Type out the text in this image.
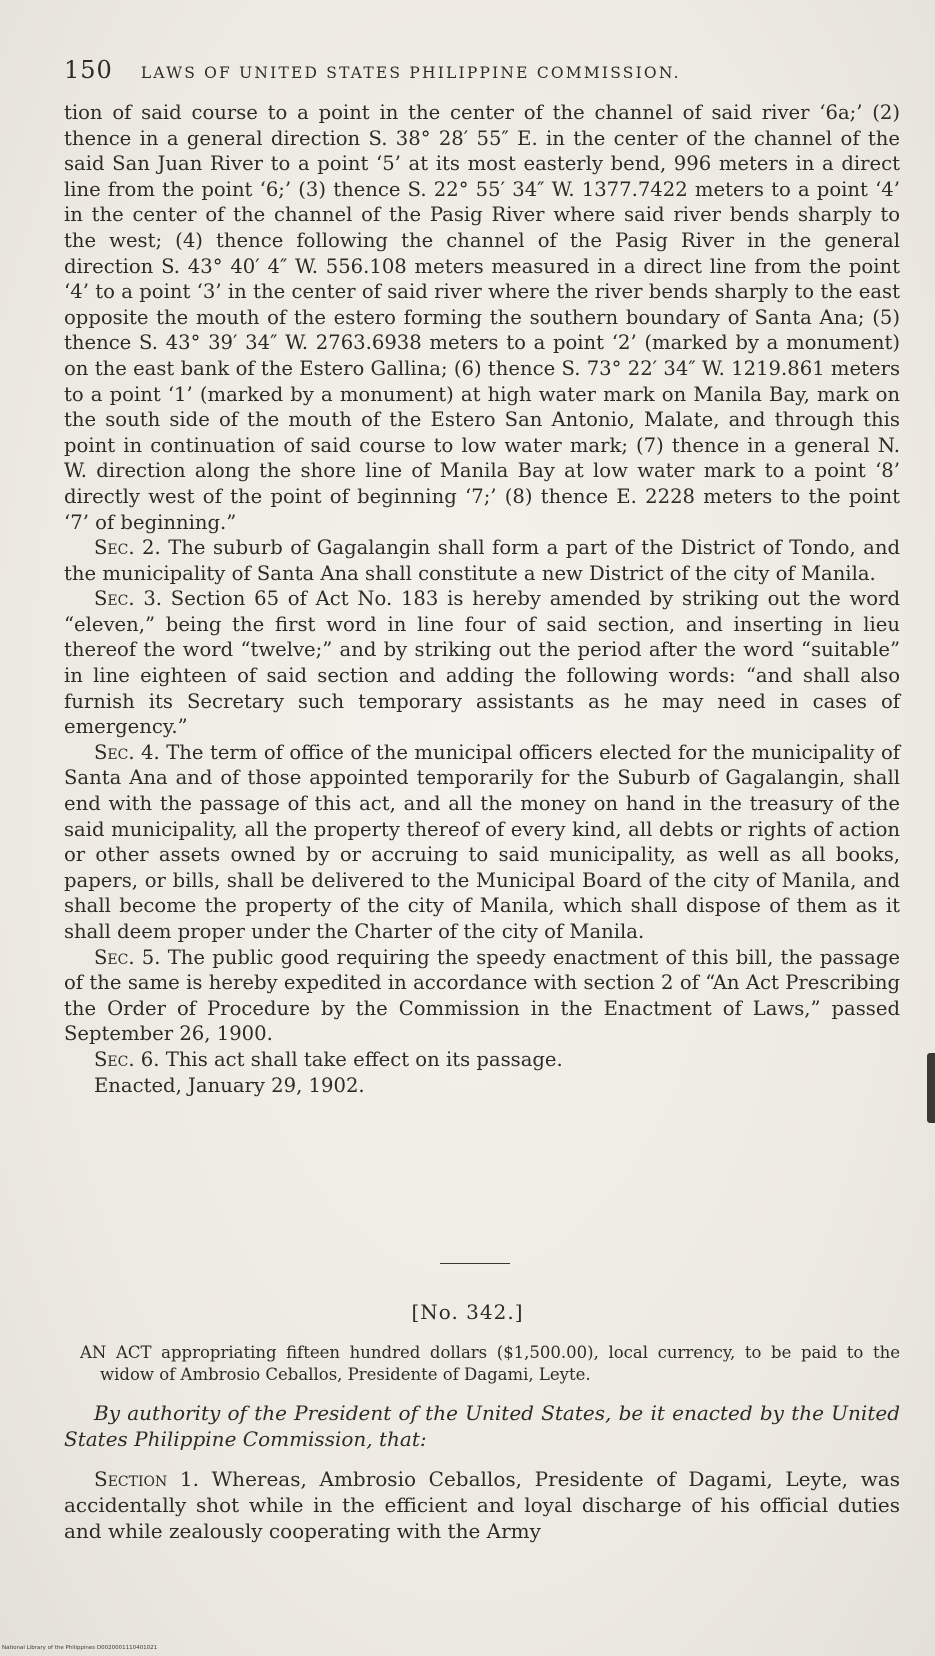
150 LAWS OF UNITED STATES PHILIPPINE COMMISSION.

tion of said course to a point in the center of the channel of said river ‘6a;’ (2) thence in a general direction S. 38° 28′ 55″ E. in the center of the channel of the said San Juan River to a point ‘5’ at its most easterly bend, 996 meters in a direct line from the point ‘6;’ (3) thence S. 22° 55′ 34″ W. 1377.7422 meters to a point ‘4’ in the center of the channel of the Pasig River where said river bends sharply to the west; (4) thence following the channel of the Pasig River in the general direction S. 43° 40′ 4″ W. 556.108 meters measured in a direct line from the point ‘4’ to a point ‘3’ in the center of said river where the river bends sharply to the east opposite the mouth of the estero forming the southern boundary of Santa Ana; (5) thence S. 43° 39′ 34″ W. 2763.6938 meters to a point ‘2’ (marked by a monument) on the east bank of the Estero Gallina; (6) thence S. 73° 22′ 34″ W. 1219.861 meters to a point ‘1’ (marked by a monument) at high water mark on Manila Bay, mark on the south side of the mouth of the Estero San Antonio, Malate, and through this point in continuation of said course to low water mark; (7) thence in a general N. W. direction along the shore line of Manila Bay at low water mark to a point ‘8’ directly west of the point of beginning ‘7;’ (8) thence E. 2228 meters to the point ‘7’ of beginning.”

Sec. 2. The suburb of Gagalangin shall form a part of the District of Tondo, and the municipality of Santa Ana shall constitute a new District of the city of Manila.

Sec. 3. Section 65 of Act No. 183 is hereby amended by striking out the word “eleven,” being the first word in line four of said section, and inserting in lieu thereof the word “twelve;” and by striking out the period after the word “suitable” in line eighteen of said section and adding the following words: “and shall also furnish its Secretary such temporary assistants as he may need in cases of emergency.”

Sec. 4. The term of office of the municipal officers elected for the municipality of Santa Ana and of those appointed temporarily for the Suburb of Gagalangin, shall end with the passage of this act, and all the money on hand in the treasury of the said municipality, all the property thereof of every kind, all debts or rights of action or other assets owned by or accruing to said municipality, as well as all books, papers, or bills, shall be delivered to the Municipal Board of the city of Manila, and shall become the property of the city of Manila, which shall dispose of them as it shall deem proper under the Charter of the city of Manila.

Sec. 5. The public good requiring the speedy enactment of this bill, the passage of the same is hereby expedited in accordance with section 2 of “An Act Prescribing the Order of Procedure by the Commission in the Enactment of Laws,” passed September 26, 1900.

Sec. 6. This act shall take effect on its passage.

Enacted, January 29, 1902.

[No. 342.]
AN ACT appropriating fifteen hundred dollars ($1,500.00), local currency, to be paid to the widow of Ambrosio Ceballos, Presidente of Dagami, Leyte.
By authority of the President of the United States, be it enacted by the United States Philippine Commission, that:
Section 1. Whereas, Ambrosio Ceballos, Presidente of Dagami, Leyte, was accidentally shot while in the efficient and loyal discharge of his official duties and while zealously cooperating with the Army
National Library of the Philippines D0020001110401021
